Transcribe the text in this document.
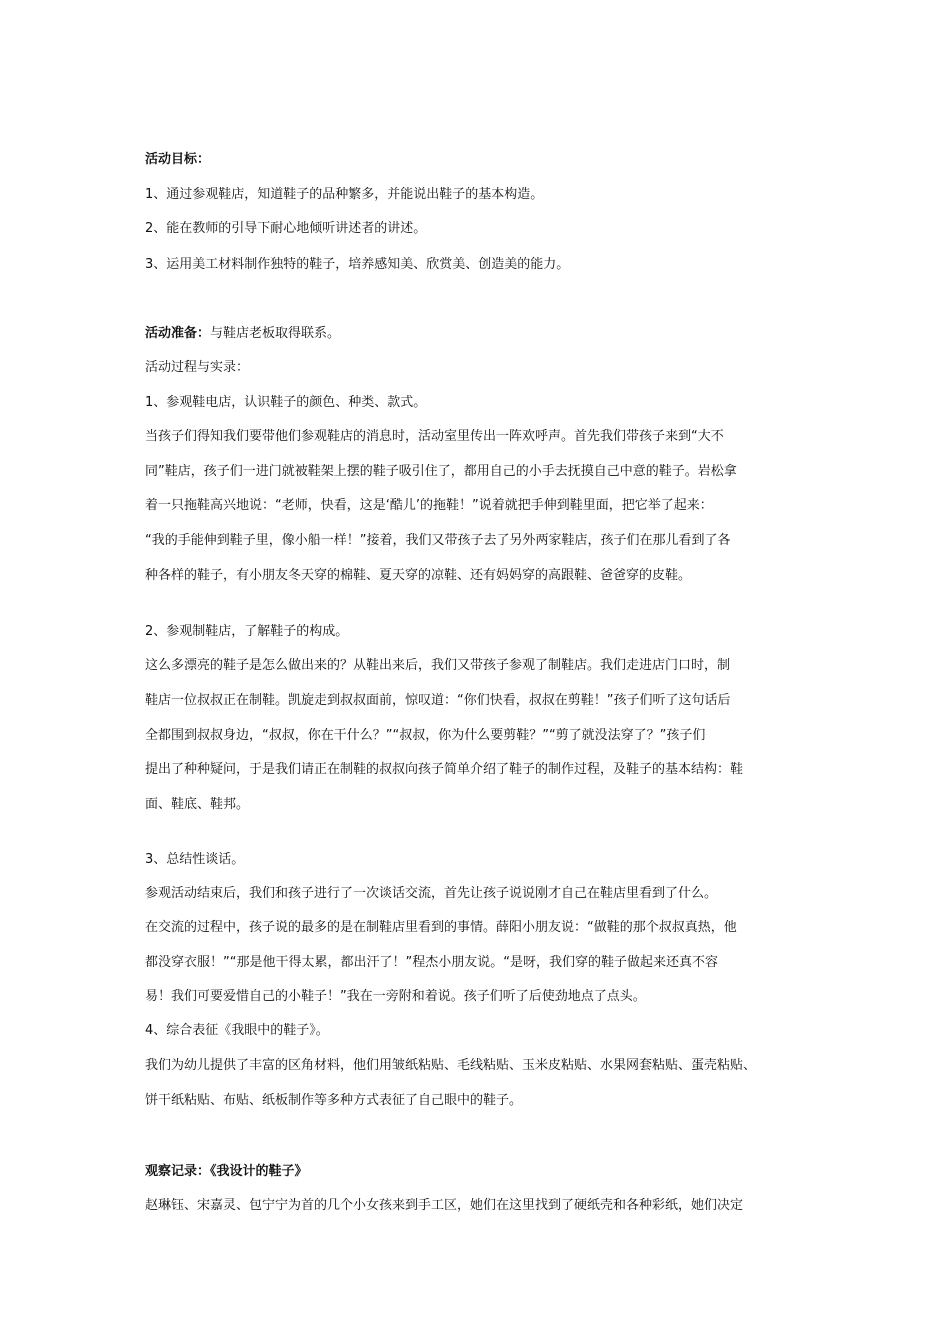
活动目标：
1、通过参观鞋店，知道鞋子的品种繁多，并能说出鞋子的基本构造。
2、能在教师的引导下耐心地倾听讲述者的讲述。
3、运用美工材料制作独特的鞋子，培养感知美、欣赏美、创造美的能力。
活动准备：与鞋店老板取得联系。
活动过程与实录：
1、参观鞋电店，认识鞋子的颜色、种类、款式。
当孩子们得知我们要带他们参观鞋店的消息时，活动室里传出一阵欢呼声。首先我们带孩子来到“大不
同”鞋店，孩子们一进门就被鞋架上摆的鞋子吸引住了，都用自己的小手去抚摸自己中意的鞋子。岩松拿
着一只拖鞋高兴地说：“老师，快看，这是‘酷儿’的拖鞋！”说着就把手伸到鞋里面，把它举了起来：
“我的手能伸到鞋子里，像小船一样！”接着，我们又带孩子去了另外两家鞋店，孩子们在那儿看到了各
种各样的鞋子，有小朋友冬天穿的棉鞋、夏天穿的凉鞋、还有妈妈穿的高跟鞋、爸爸穿的皮鞋。
2、参观制鞋店，了解鞋子的构成。
这么多漂亮的鞋子是怎么做出来的？从鞋出来后，我们又带孩子参观了制鞋店。我们走进店门口时，制
鞋店一位叔叔正在制鞋。凯旋走到叔叔面前，惊叹道：“你们快看，叔叔在剪鞋！”孩子们听了这句话后
全都围到叔叔身边，“叔叔，你在干什么？”“叔叔，你为什么要剪鞋？”“剪了就没法穿了？”孩子们
提出了种种疑问，于是我们请正在制鞋的叔叔向孩子简单介绍了鞋子的制作过程，及鞋子的基本结构：鞋
面、鞋底、鞋邦。
3、总结性谈话。
参观活动结束后，我们和孩子进行了一次谈话交流，首先让孩子说说刚才自己在鞋店里看到了什么。
在交流的过程中，孩子说的最多的是在制鞋店里看到的事情。薛阳小朋友说：“做鞋的那个叔叔真热，他
都没穿衣服！”“那是他干得太累，都出汗了！”程杰小朋友说。“是呀，我们穿的鞋子做起来还真不容
易！我们可要爱惜自己的小鞋子！”我在一旁附和着说。孩子们听了后使劲地点了点头。
4、综合表征《我眼中的鞋子》。
我们为幼儿提供了丰富的区角材料，他们用皱纸粘贴、毛线粘贴、玉米皮粘贴、水果网套粘贴、蛋壳粘贴、
饼干纸粘贴、布贴、纸板制作等多种方式表征了自己眼中的鞋子。
观察记录：《我设计的鞋子》
赵琳钰、宋嘉灵、包宁宁为首的几个小女孩来到手工区，她们在这里找到了硬纸壳和各种彩纸，她们决定
